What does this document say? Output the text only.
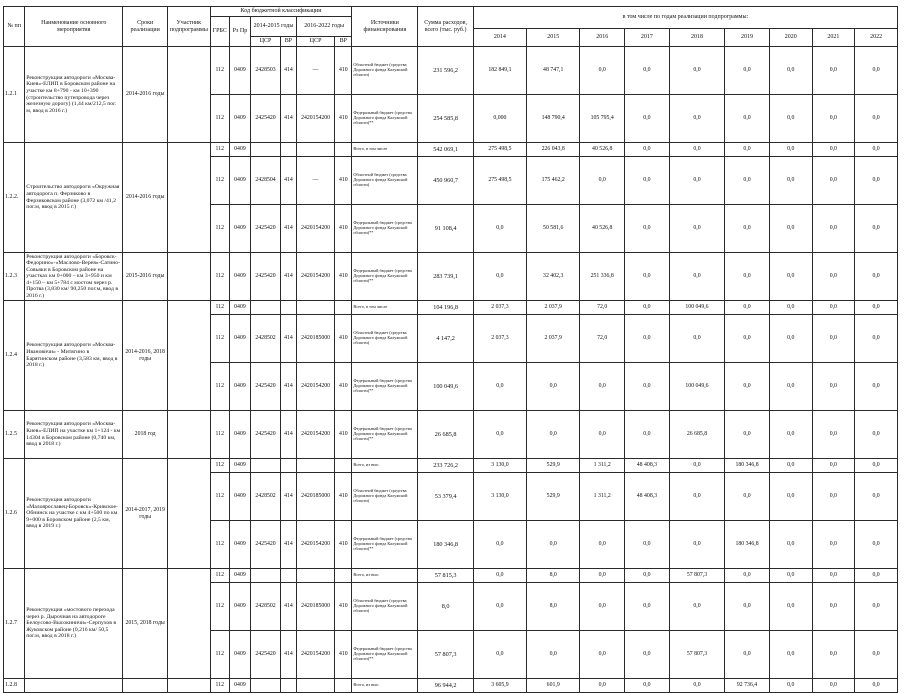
№ пп	Наименование основного мероприятия	Сроки реализации	Участник подпрограммы	Код бюджетной классификации						Источники финансирования	Сумма расходов, всего (тыс. руб.)	в том числе по годам реализации подпрограммы:								
				ГРБС	Рз Пр	2014-2015 годы		2016-2022 годы												
												2014	2015	2016	2017	2018	2019	2020	2021	2022
						ЦСР	ВР	ЦСР	ВР											
1.2.1	Реконструкция автодороги «Москва-Киев»-ЕЛИП в Боровском районе на участке км 8+790 - км 10+390 (строительство путепровода через железную дорогу) (1,44 км/212,5 пог. м, ввод в 2016 г.)	2014-2016 годы		112	0409	2428503	414	—	410	Областной бюджет (средства Дорожного фонда Калужской области)	231 596,2	182 849,1	48 747,1	0,0	0,0	0,0	0,0	0,0	0,0	0,0
				112	0409	2425420	414	2420154200	410	Федеральный бюджет (средства Дорожного фонда Калужской области)**	254 585,8	0,000	148 790,4	105 795,4	0,0	0,0	0,0	0,0	0,0	0,0
1.2.2.	Строительство автодороги «Окружная автодорога п. Ферзиково в Ферзиковском районе (3,072 км /41,2 пог.м, ввод в 2015 г.)	2014-2016 годы		112	0409					Всего, в том числе	542 069,1	275 498,5	226 043,8	40 526,8	0,0	0,0	0,0	0,0	0,0	0,0
				112	0409	2428504	414	—	410	Областной бюджет (средства Дорожного фонда Калужской области)	450 960,7	275 498,5	175 462,2	0,0	0,0	0,0	0,0	0,0	0,0	0,0
				112	0409	2425420	414	2420154200	410	Федеральный бюджет (средства Дорожного фонда Калужской области)**	91 108,4	0,0	50 581,6	40 526,8	0,0	0,0	0,0	0,0	0,0	0,0
1.2.3	Реконструкция автодороги «Боровск-Федорино»-«Маслово-Верея»-Сатино-Совьяки в Боровском районе на участках км 0+000 – км 3+950 и км 4+150 – км 5+784 с мостом через р. Протва (3,830 км/ 90,250 пог.м, ввод в 2016 г.)	2015-2016 годы		112	0409	2425420	414	2420154200	410	Федеральный бюджет (средства Дорожного фонда Калужской области)**	283 739,1	0,0	32 402,3	251 336,8	0,0	0,0	0,0	0,0	0,0	0,0
1.2.4	Реконструкция автодороги «Москва-Ивановичи» - Митягино в Барятинском районе (3,583 км, ввод в 2018 г.)	2014-2016, 2018 годы		112	0409					Всего, в том числе	104 196,8	2 037,3	2 037,9	72,0	0,0	100 049,6	0,0	0,0	0,0	0,0
				112	0409	2428502	414	2420185000	410	Областной бюджет (средства Дорожного фонда Калужской области)	4 147,2	2 037,3	2 037,9	72,0	0,0	0,0	0,0	0,0	0,0	0,0
				112	0409	2425420	414	2420154200	410	Федеральный бюджет (средства Дорожного фонда Калужской области)**	100 049,6	0,0	0,0	0,0	0,0	100 049,6	0,0	0,0	0,0	0,0
1.2.5	Реконструкция автодороги «Москва-Киев»-ЕЛИП на участке км 1+124 - км 14304 в Боровском районе (0,740 км, ввод в 2018 г.)	2018 год		112	0409	2425420	414	2420154200	410	Федеральный бюджет (средства Дорожного фонда Калужской области)**	26 685,8	0,0	0,0	0,0	0,0	26 685,8	0,0	0,0	0,0	0,0
1.2.6	Реконструкция автодороги «Малоярославец-Боровск»-Кривское-Обнинск на участке с км 4+500 по км 9+000 в Боровском районе (2,5 км, ввод в 2019 г.)	2014-2017, 2019 годы		112	0409					Всего, из них:	233 726,2	3 130,0	529,9	1 311,2	48 408,3	0,0	180 346,8	0,0	0,0	0,0
				112	0409	2428502	414	2420185000	410	Областной бюджет (средства Дорожного фонда Калужской области)	53 379,4	3 130,0	529,9	1 311,2	48 408,3	0,0	0,0	0,0	0,0	0,0
				112	0409	2425420	414	2420154200	410	Федеральный бюджет (средства Дорожного фонда Калужской области)**	180 346,8	0,0	0,0	0,0	0,0	0,0	180 346,8	0,0	0,0	0,0
1.2.7	Реконструкция «мостового перехода через р. Дырочная на автодороге Белоусово-Высокиничи»-Серпухов в Жуковском районе (0,216 км/ 50,5 пог.м, ввод в 2018 г.)	2015, 2018 годы		112	0409					Всего, из них:	57 815,3	0,0	8,0	0,0	0,0	57 807,3	0,0	0,0	0,0	0,0
				112	0409	2428502	414	2420185000	410	Областной бюджет (средства Дорожного фонда Калужской области)	8,0	0,0	8,0	0,0	0,0	0,0	0,0	0,0	0,0	0,0
				112	0409	2425420	414	2420154200	410	Федеральный бюджет (средства Дорожного фонда Калужской области)**	57 807,3	0,0	0,0	0,0	0,0	57 807,3	0,0	0,0	0,0	0,0
1.2.8				112	0409					Всего, из них:	96 944,2	3 605,9	601,9	0,0	0,0	0,0	92 736,4	0,0	0,0	0,0
